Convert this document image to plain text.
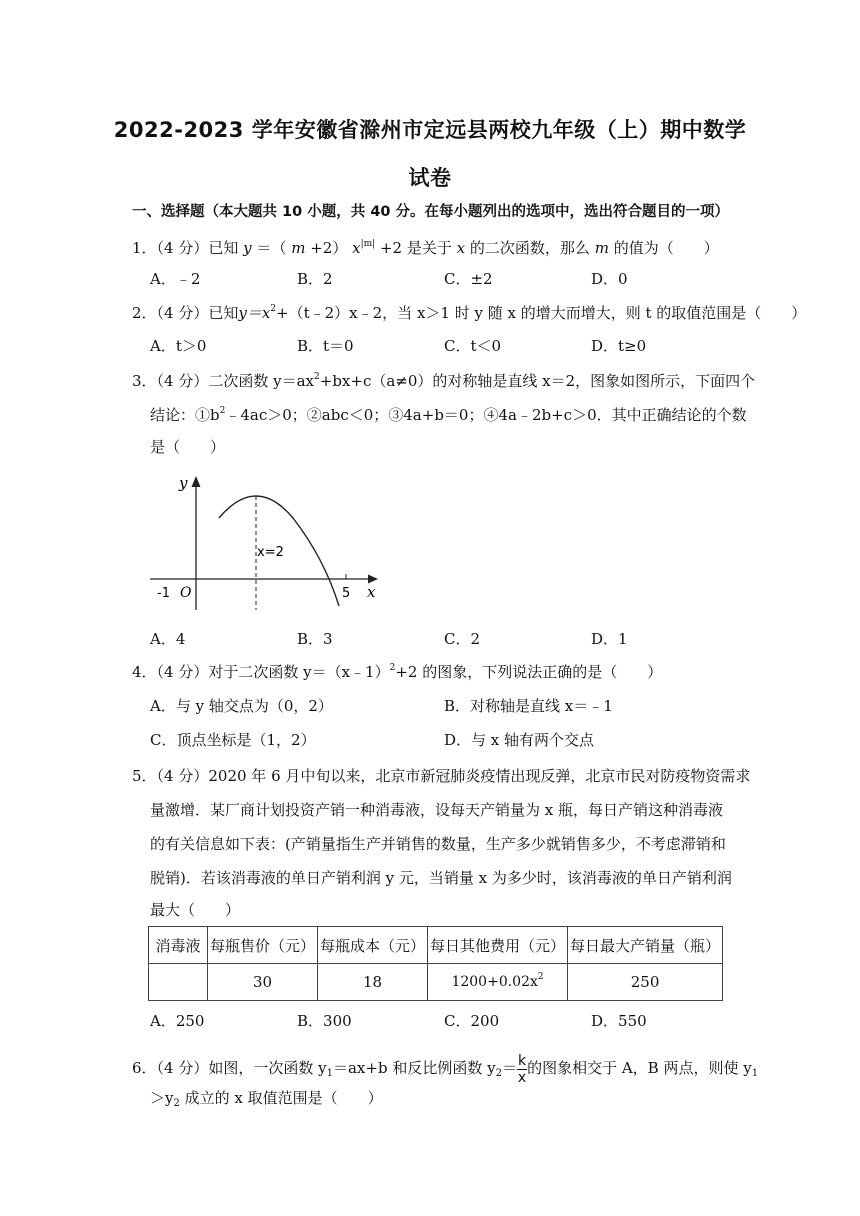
2022-2023 学年安徽省滁州市定远县两校九年级（上）期中数学
试卷
一、选择题（本大题共 10 小题，共 40 分。在每小题列出的选项中，选出符合题目的一项）
1．（4 分）已知 y ＝（ m +2） $x^{|m|} +2$ 是关于 x 的二次函数，那么 m 的值为（　　）
A．﹣2	B．2	C．±2	D．0
2．（4 分）已知$y=x^2+(t﹣2)x﹣2$，当 x＞1 时 y 随 x 的增大而增大，则 t 的取值范围是（　　）
A．t＞0	B．t＝0	C．t＜0	D．t≥0
3．（4 分）二次函数 $y=ax^2+bx+c(a\ne 0)$的对称轴是直线 x＝2，图象如图所示，下面四个
结论：$①b^2﹣4ac>0$；②abc＜0；③4a+b＝0；④4a﹣2b+c＞0．其中正确结论的个数
是（　　）
y
x
O
-1	5
x=2
A．4	B．3	C．2	D．1
4．（4 分）对于二次函数 y＝（x﹣1）$^2$+2 的图象，下列说法正确的是（　　）
A．与 y 轴交点为（0，2）	B．对称轴是直线 x＝﹣1
C．顶点坐标是（1，2）	D．与 x 轴有两个交点
5．（4 分）2020 年 6 月中旬以来，北京市新冠肺炎疫情出现反弹，北京市民对防疫物资需求
量激增．某厂商计划投资产销一种消毒液，设每天产销量为 x 瓶，每日产销这种消毒液
的有关信息如下表：(产销量指生产并销售的数量，生产多少就销售多少，不考虑滞销和
脱销)．若该消毒液的单日产销利润 y 元，当销量 x 为多少时，该消毒液的单日产销利润
最大（　　）
消毒液	每瓶售价（元）	每瓶成本（元）	每日其他费用（元）	每日最大产销量（瓶）
	30	18	$1200+0.02x^2$	250
A．250	B．300	C．200	D．550
6．（4 分）如图，一次函数 $y_1=ax+b$ 和反比例函数 $y_2= \frac{k}{x}$ 的图象相交于 A，B 两点，则使 $y_1$
$>y_2$ 成立的 x 取值范围是（　　）
